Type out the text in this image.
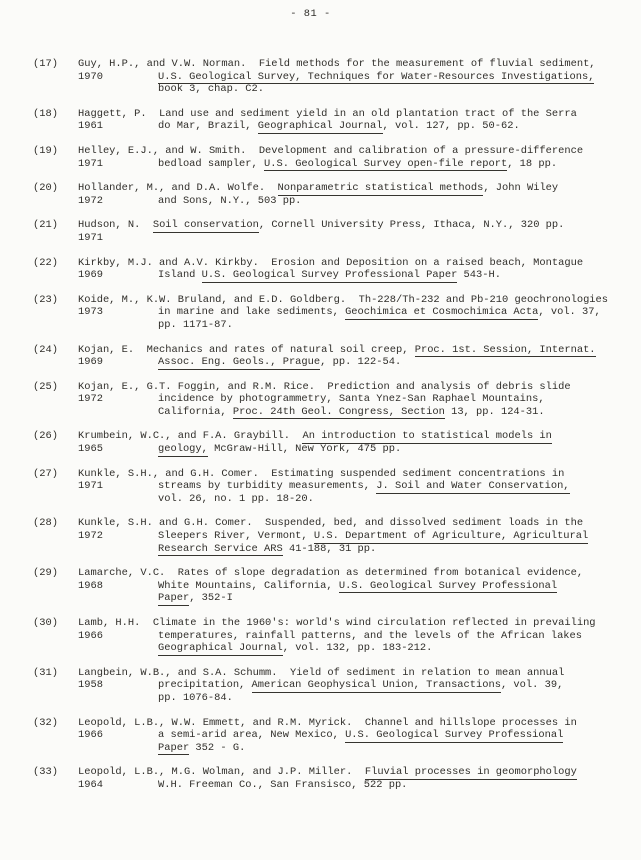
- 81 -
(17) Guy, H.P., and V.W. Norman.  Field methods for the measurement of fluvial sediment,
1970	U.S. Geological Survey, Techniques for Water-Resources Investigations,
book 3, chap. C2.
(18) Haggett, P.  Land use and sediment yield in an old plantation tract of the Serra
1961	do Mar, Brazil, Geographical Journal, vol. 127, pp. 50-62.
(19) Helley, E.J., and W. Smith.  Development and calibration of a pressure-difference
1971	bedload sampler, U.S. Geological Survey open-file report, 18 pp.
(20) Hollander, M., and D.A. Wolfe.  Nonparametric statistical methods, John Wiley
1972	and Sons, N.Y., 503 pp.
(21) Hudson, N.  Soil conservation, Cornell University Press, Ithaca, N.Y., 320 pp.
1971
(22) Kirkby, M.J. and A.V. Kirkby.  Erosion and Deposition on a raised beach, Montague
1969	Island U.S. Geological Survey Professional Paper 543-H.
(23) Koide, M., K.W. Bruland, and E.D. Goldberg.  Th-228/Th-232 and Pb-210 geochronologies
1973	in marine and lake sediments, Geochimica et Cosmochimica Acta, vol. 37,
pp. 1171-87.
(24) Kojan, E.  Mechanics and rates of natural soil creep, Proc. 1st. Session, Internat.
1969	Assoc. Eng. Geols., Prague, pp. 122-54.
(25) Kojan, E., G.T. Foggin, and R.M. Rice.  Prediction and analysis of debris slide
1972	incidence by photogrammetry, Santa Ynez-San Raphael Mountains,
California, Proc. 24th Geol. Congress, Section 13, pp. 124-31.
(26) Krumbein, W.C., and F.A. Graybill.  An introduction to statistical models in
1965	geology, McGraw-Hill, New York, 475 pp.
(27) Kunkle, S.H., and G.H. Comer.  Estimating suspended sediment concentrations in
1971	streams by turbidity measurements, J. Soil and Water Conservation,
vol. 26, no. 1 pp. 18-20.
(28) Kunkle, S.H. and G.H. Comer.  Suspended, bed, and dissolved sediment loads in the
1972	Sleepers River, Vermont, U.S. Department of Agriculture, Agricultural
Research Service ARS 41-188, 31 pp.
(29) Lamarche, V.C.  Rates of slope degradation as determined from botanical evidence,
1968	White Mountains, California, U.S. Geological Survey Professional
Paper, 352-I
(30) Lamb, H.H.  Climate in the 1960's: world's wind circulation reflected in prevailing
1966	temperatures, rainfall patterns, and the levels of the African lakes
Geographical Journal, vol. 132, pp. 183-212.
(31) Langbein, W.B., and S.A. Schumm.  Yield of sediment in relation to mean annual
1958	precipitation, American Geophysical Union, Transactions, vol. 39,
pp. 1076-84.
(32) Leopold, L.B., W.W. Emmett, and R.M. Myrick.  Channel and hillslope processes in
1966	a semi-arid area, New Mexico, U.S. Geological Survey Professional
Paper 352 - G.
(33) Leopold, L.B., M.G. Wolman, and J.P. Miller.  Fluvial processes in geomorphology
1964	W.H. Freeman Co., San Fransisco, 522 pp.
